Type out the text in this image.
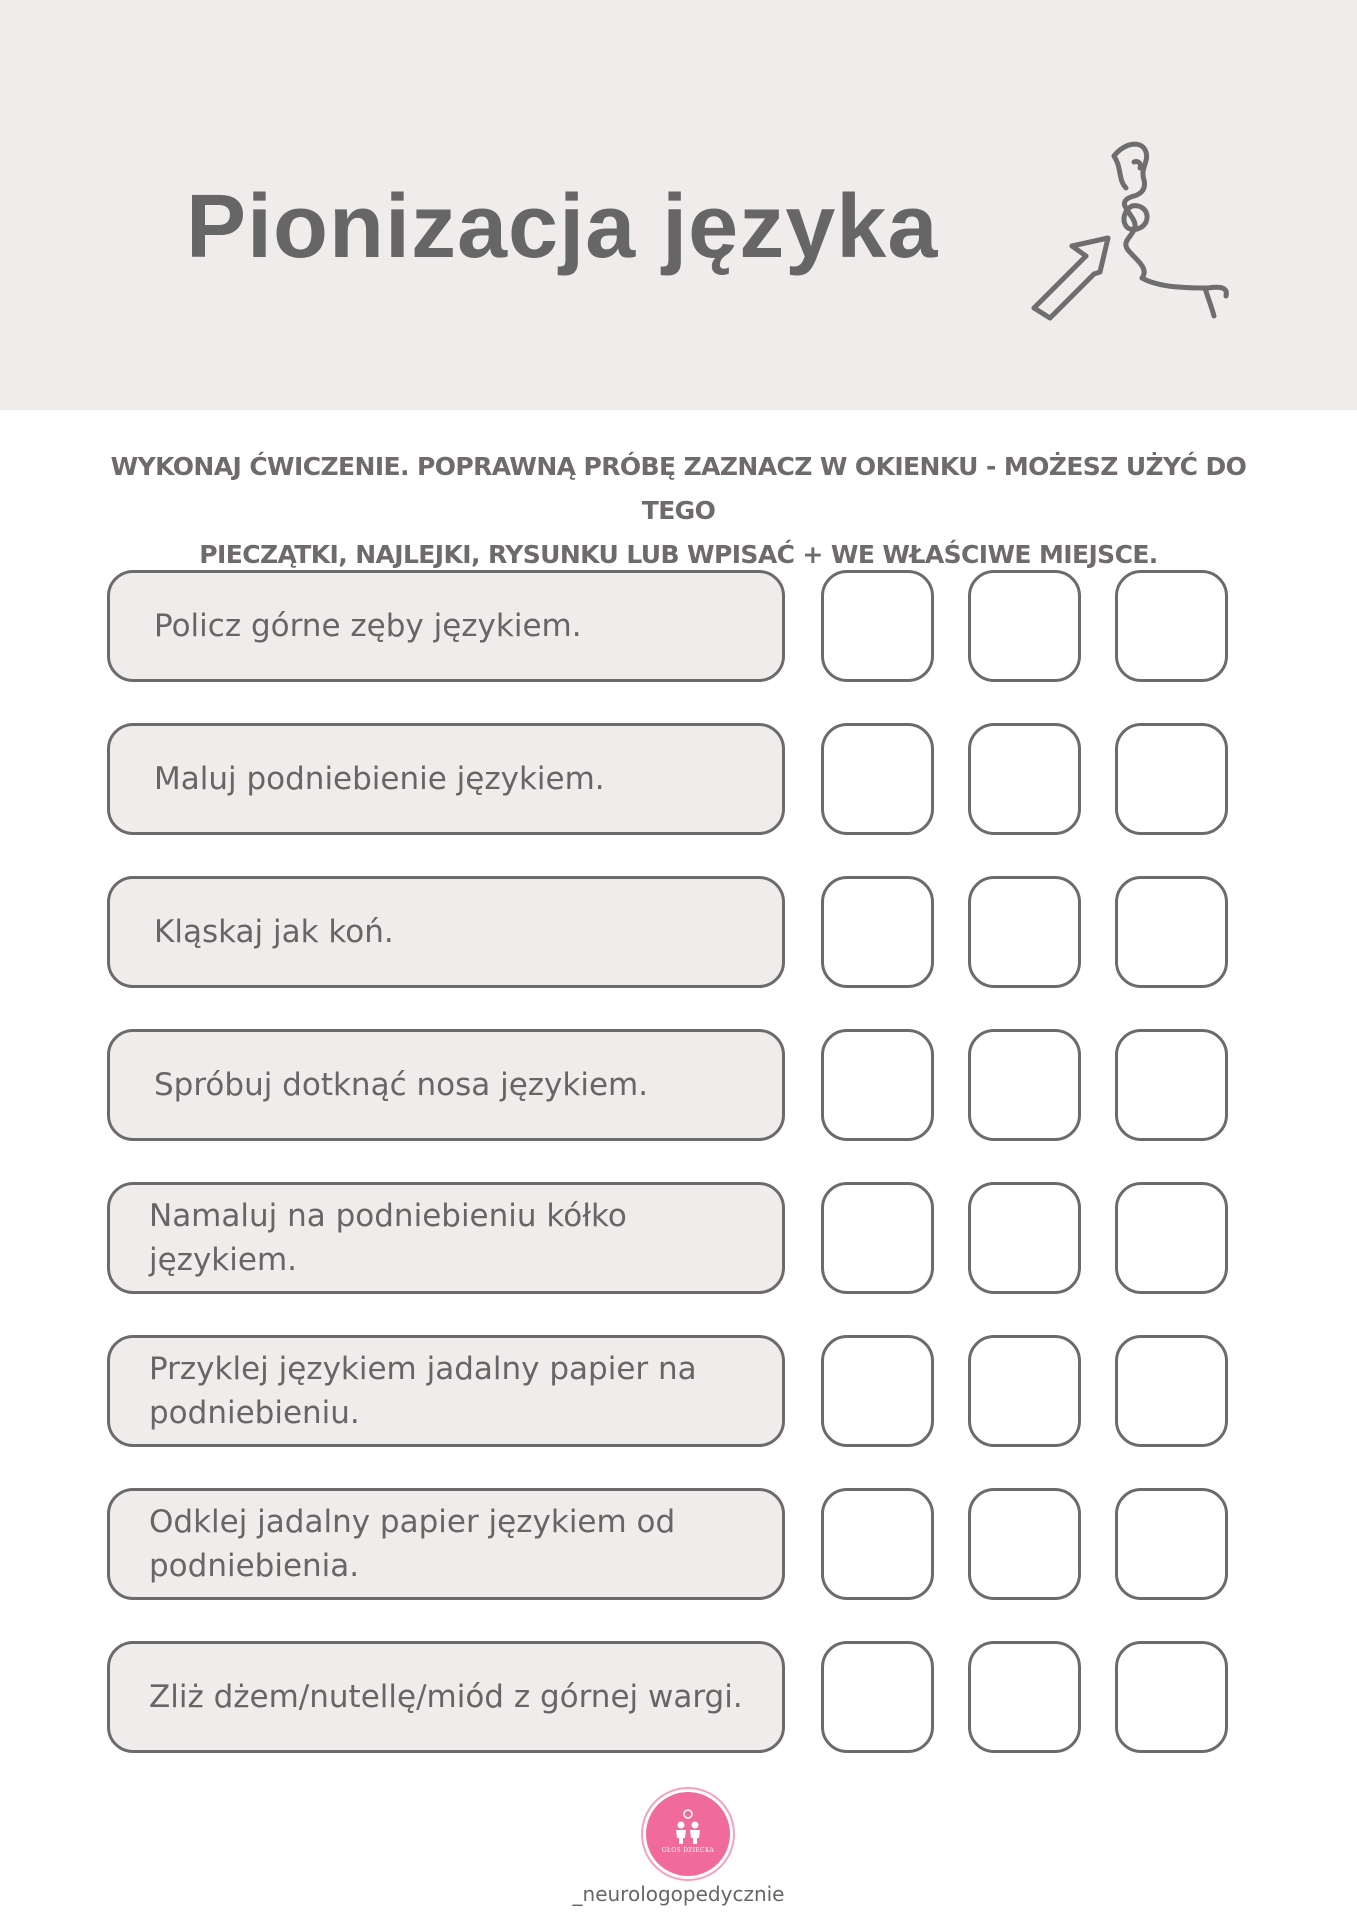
Pionizacja języka
WYKONAJ ĆWICZENIE. POPRAWNĄ PRÓBĘ ZAZNACZ W OKIENKU - MOŻESZ UŻYĆ DO TEGO
PIECZĄTKI, NAJLEJKI, RYSUNKU LUB WPISAĆ + WE WŁAŚCIWE MIEJSCE.
Policz górne zęby językiem.
Maluj podniebienie językiem.
Kląskaj jak koń.
Spróbuj dotknąć nosa językiem.
Namaluj na podniebieniu kółko językiem.
Przyklej językiem jadalny papier na podniebieniu.
Odklej jadalny papier językiem od podniebienia.
Zliż dżem/nutellę/miód z górnej wargi.
GŁOS DZIECKA
_neurologopedycznie
